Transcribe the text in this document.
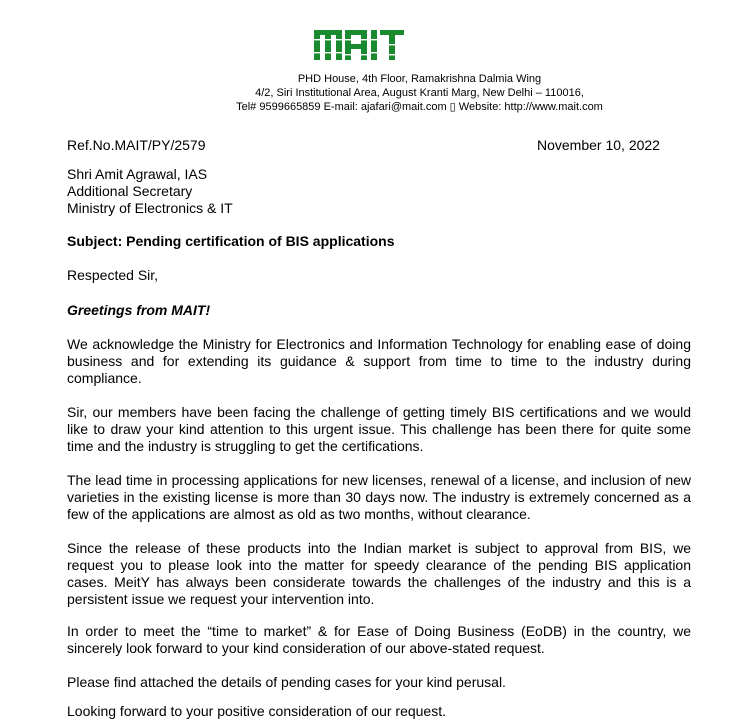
MAIT
PHD House, 4th Floor, Ramakrishna Dalmia Wing
4/2, Siri Institutional Area, August Kranti Marg, New Delhi – 110016,
Tel# 9599665859 E-mail: ajafari@mait.com ▯ Website: http://www.mait.com
Ref.No.MAIT/PY/2579	November 10, 2022
Shri Amit Agrawal, IAS
Additional Secretary
Ministry of Electronics & IT
Subject: Pending certification of BIS applications
Respected Sir,
Greetings from MAIT!
We acknowledge the Ministry for Electronics and Information Technology for enabling ease of doing business and for extending its guidance & support from time to time to the industry during compliance.
Sir, our members have been facing the challenge of getting timely BIS certifications and we would like to draw your kind attention to this urgent issue. This challenge has been there for quite some time and the industry is struggling to get the certifications.
The lead time in processing applications for new licenses, renewal of a license, and inclusion of new varieties in the existing license is more than 30 days now. The industry is extremely concerned as a few of the applications are almost as old as two months, without clearance.
Since the release of these products into the Indian market is subject to approval from BIS, we request you to please look into the matter for speedy clearance of the pending BIS application cases. MeitY has always been considerate towards the challenges of the industry and this is a persistent issue we request your intervention into.
In order to meet the “time to market” & for Ease of Doing Business (EoDB) in the country, we sincerely look forward to your kind consideration of our above-stated request.
Please find attached the details of pending cases for your kind perusal.
Looking forward to your positive consideration of our request.
